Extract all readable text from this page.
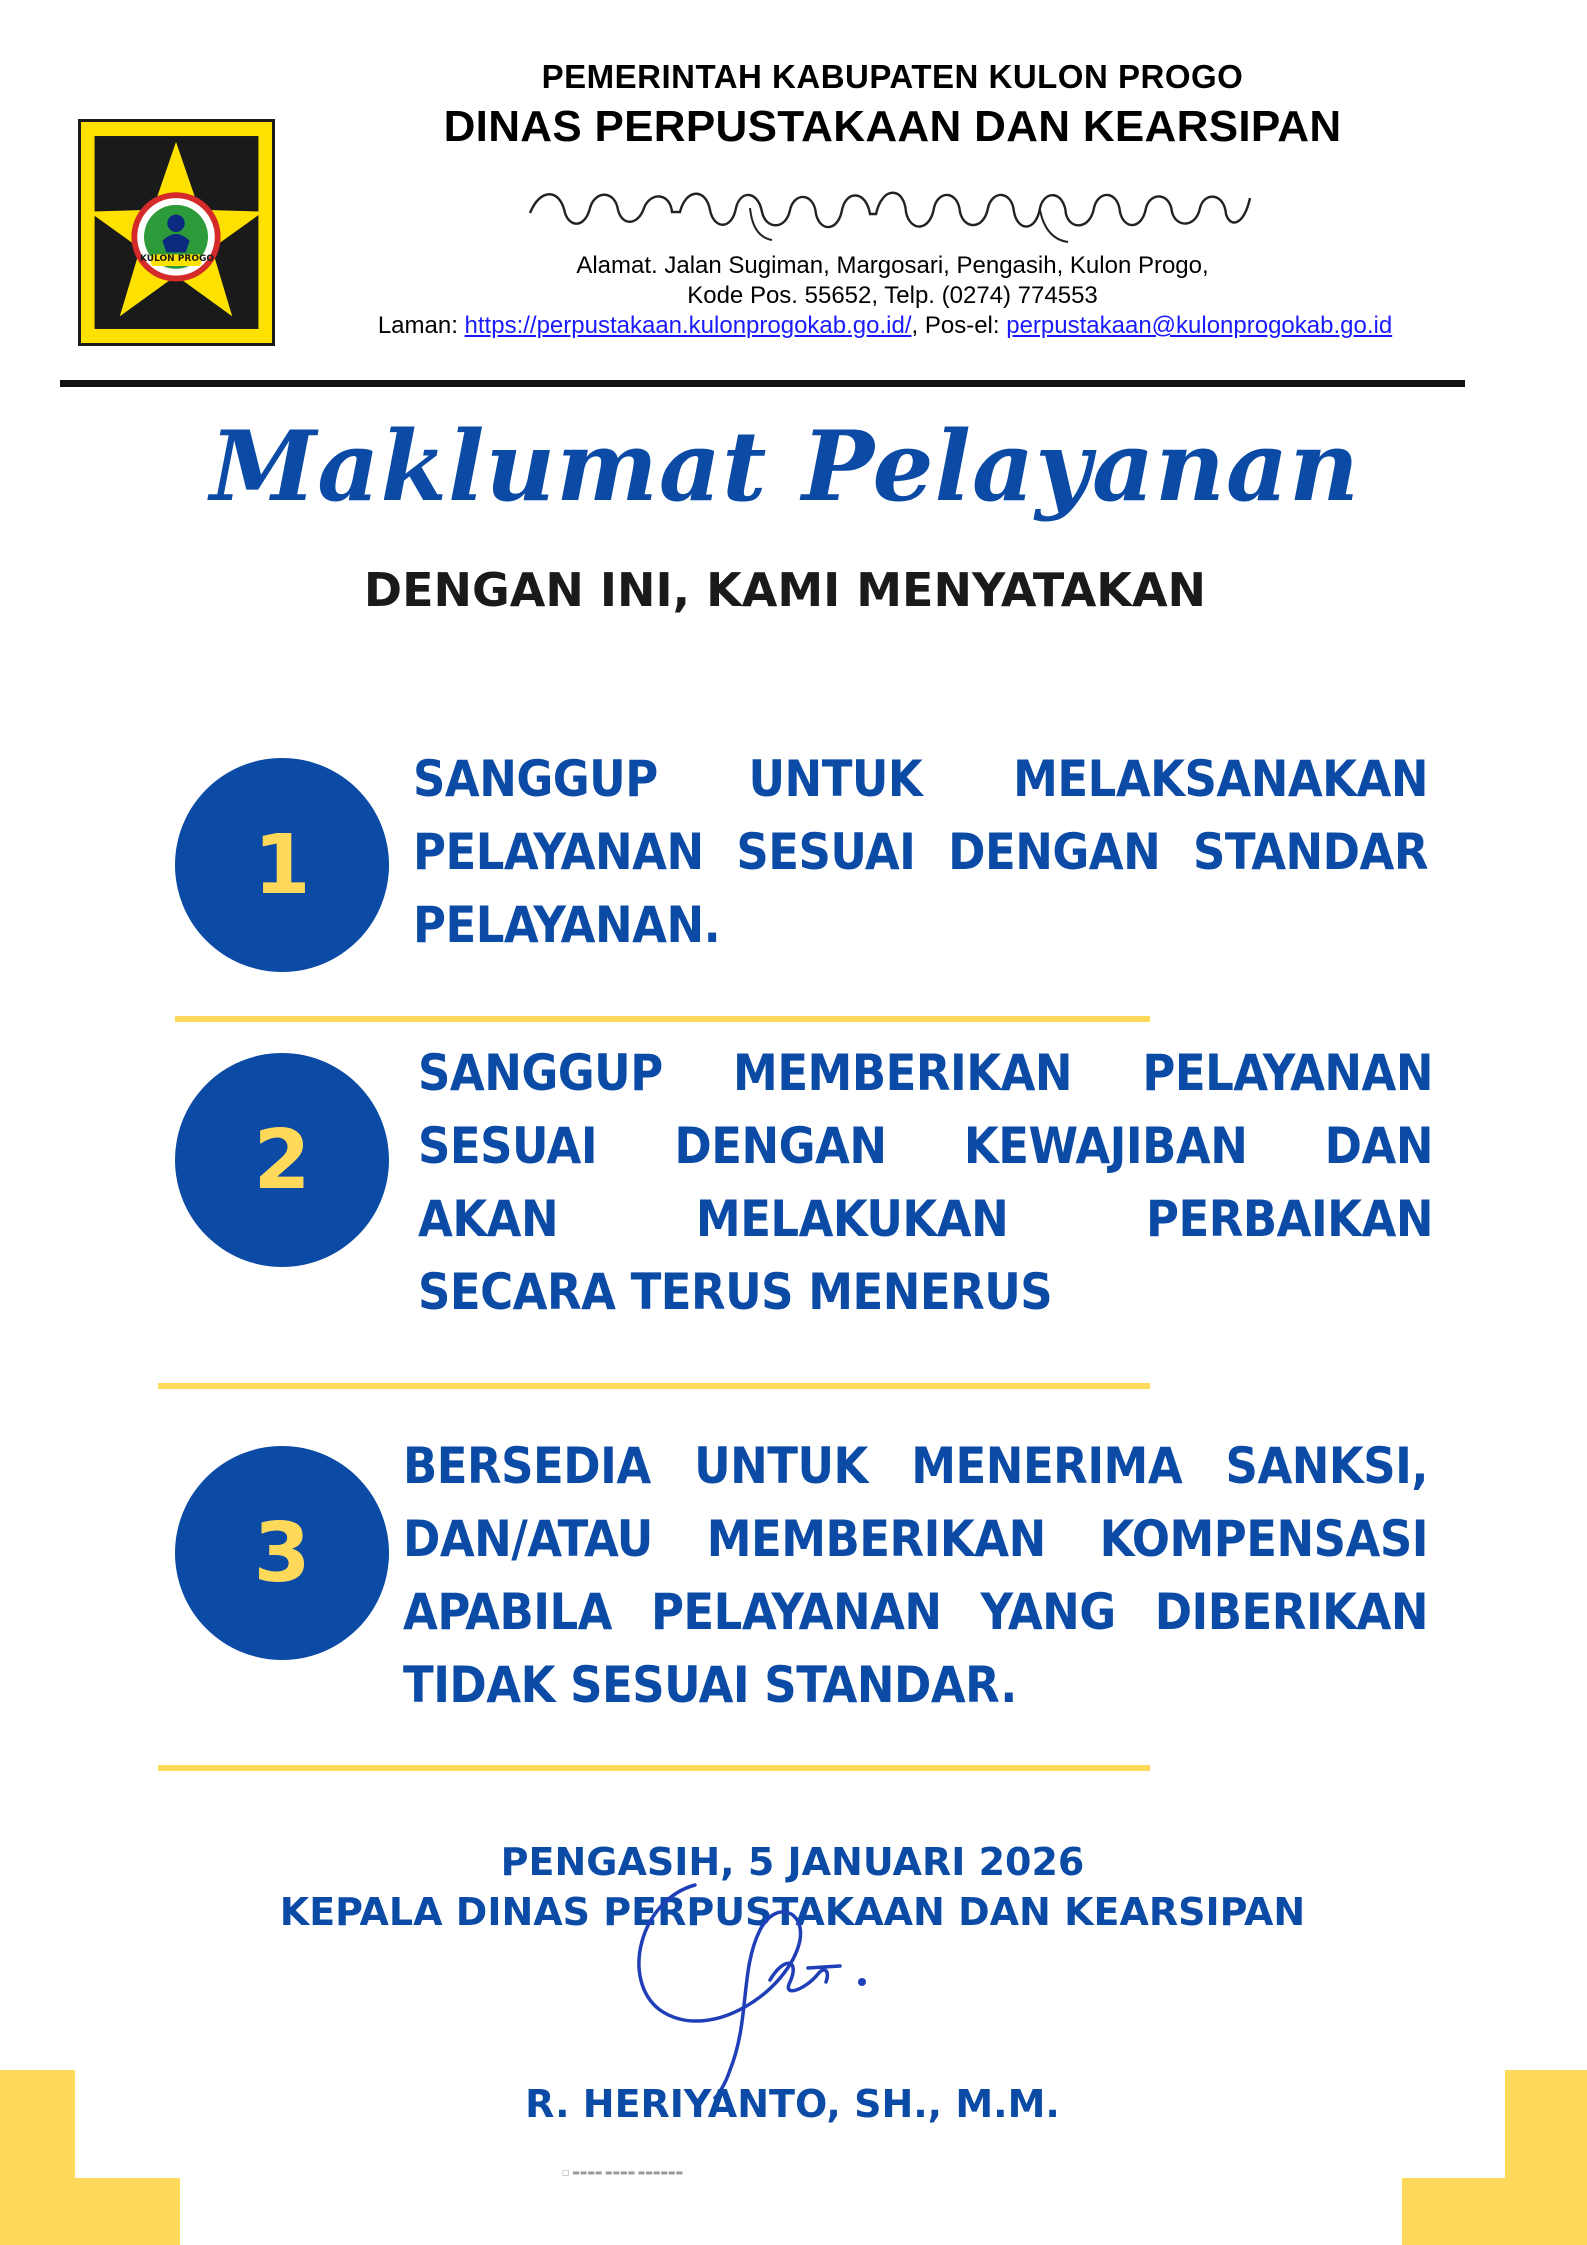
KULON PROGO
PEMERINTAH KABUPATEN KULON PROGO
DINAS PERPUSTAKAAN DAN KEARSIPAN
Alamat. Jalan Sugiman, Margosari, Pengasih, Kulon Progo,
Kode Pos. 55652, Telp. (0274) 774553
Laman: https://perpustakaan.kulonprogokab.go.id/, Pos-el: perpustakaan@kulonprogokab.go.id
Maklumat Pelayanan
DENGAN INI, KAMI MENYATAKAN
1
SANGGUP UNTUK MELAKSANAKAN
PELAYANAN SESUAI DENGAN STANDAR
PELAYANAN.
2
SANGGUP MEMBERIKAN PELAYANAN
SESUAI DENGAN KEWAJIBAN DAN
AKAN MELAKUKAN PERBAIKAN
SECARA TERUS MENERUS
3
BERSEDIA UNTUK MENERIMA SANKSI,
DAN/ATAU MEMBERIKAN KOMPENSASI
APABILA PELAYANAN YANG DIBERIKAN
TIDAK SESUAI STANDAR.
PENGASIH, 5 JANUARI 2026
KEPALA DINAS PERPUSTAKAAN DAN KEARSIPAN
R. HERIYANTO, SH., M.M.
▢ ▬▬▬▬ ▬▬▬▬ ▬▬▬▬▬▬
